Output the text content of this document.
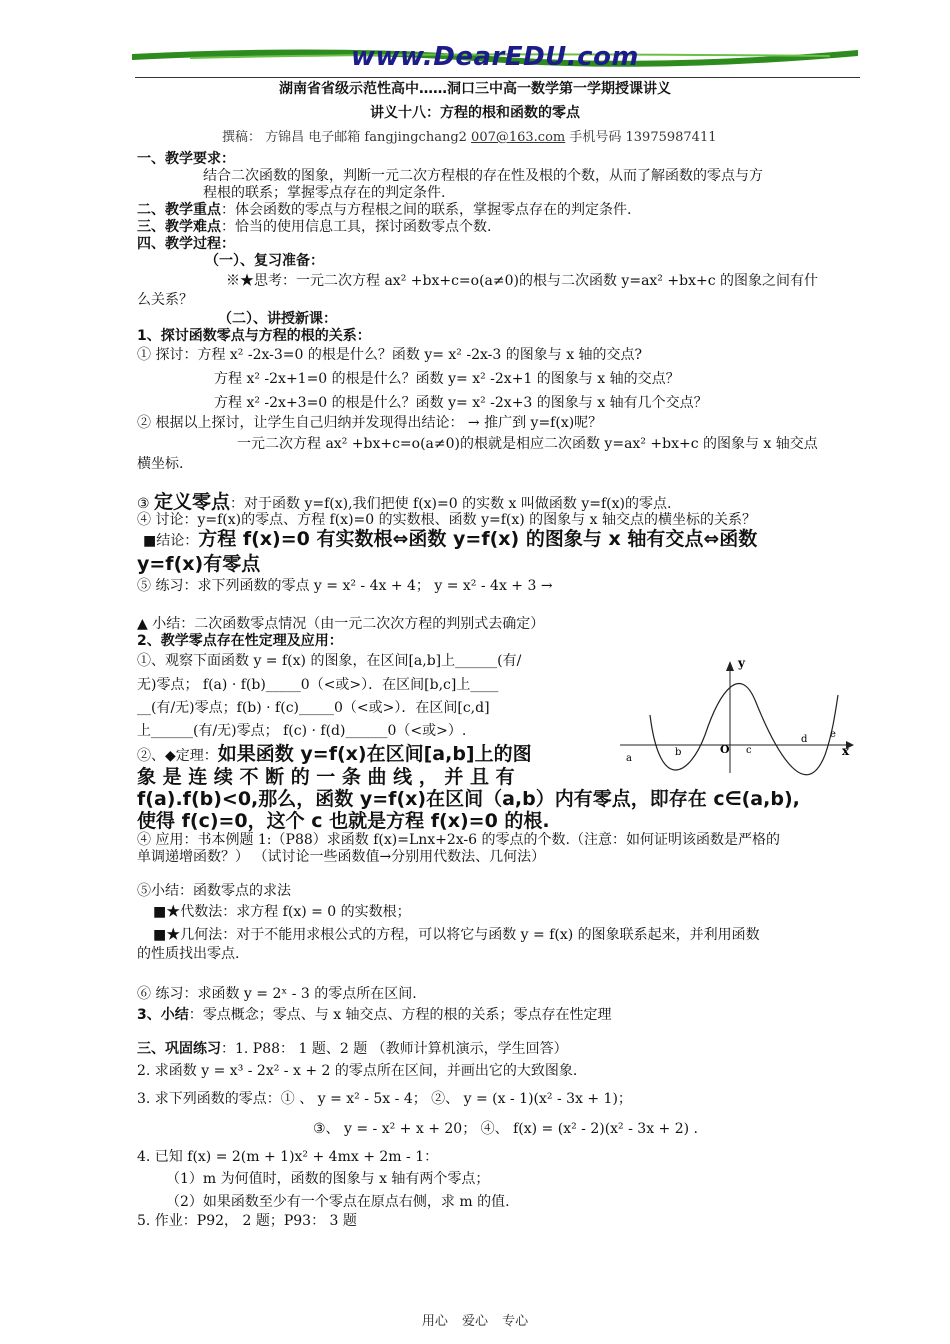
www.DearEDU.com
湖南省省级示范性高中……洞口三中高一数学第一学期授课讲义
讲义十八：方程的根和函数的零点
撰稿： 方锦昌 电子邮箱 fangjingchang2 007@163.com 手机号码 13975987411
一、教学要求：
结合二次函数的图象，判断一元二次方程根的存在性及根的个数，从而了解函数的零点与方
程根的联系；掌握零点存在的判定条件.
二、教学重点：体会函数的零点与方程根之间的联系，掌握零点存在的判定条件.
三、教学难点：恰当的使用信息工具，探讨函数零点个数.
四、教学过程：
（一）、复习准备：
※★思考：一元二次方程 ax² +bx+c=o(a≠0)的根与二次函数 y=ax² +bx+c 的图象之间有什
么关系？
（二）、讲授新课：
1、探讨函数零点与方程的根的关系：
① 探讨：方程 x² -2x-3=0 的根是什么？函数 y= x² -2x-3 的图象与 x 轴的交点?
方程 x² -2x+1=0 的根是什么？函数 y= x² -2x+1 的图象与 x 轴的交点？
方程 x² -2x+3=0 的根是什么？函数 y= x² -2x+3 的图象与 x 轴有几个交点？
② 根据以上探讨，让学生自己归纳并发现得出结论： → 推广到 y=f(x)呢？
一元二次方程 ax² +bx+c=o(a≠0)的根就是相应二次函数 y=ax² +bx+c 的图象与 x 轴交点
横坐标.
③ 定义零点：对于函数 y=f(x),我们把使 f(x)=0 的实数 x 叫做函数 y=f(x)的零点.
④ 讨论：y=f(x)的零点、方程 f(x)=0 的实数根、函数 y=f(x) 的图象与 x 轴交点的横坐标的关系？
■结论：方程 f(x)=0 有实数根⇔函数 y=f(x) 的图象与 x 轴有交点⇔函数
y=f(x)有零点
⑤ 练习：求下列函数的零点 y = x² - 4x + 4； y = x² - 4x + 3 →
▲ 小结：二次函数零点情况（由一元二次次方程的判别式去确定）
2、教学零点存在性定理及应用：
①、观察下面函数 y = f(x) 的图象，在区间[a,b]上______(有/
无)零点； f(a) · f(b)_____0（<或>）．在区间[b,c]上____
__(有/无)零点；f(b) · f(c)_____0（<或>）．在区间[c,d]
上______(有/无)零点； f(c) · f(d)______0（<或>）.
y
x
O
a
b	c
d e
②、◆定理：如果函数 y=f(x)在区间[a,b]上的图
象 是 连 续 不 断 的 一 条 曲 线 ， 并 且 有
f(a).f(b)<0,那么，函数 y=f(x)在区间（a,b）内有零点，即存在 c∈(a,b),
使得 f(c)=0，这个 c 也就是方程 f(x)=0 的根.
④ 应用：书本例题 1:（P88）求函数 f(x)=Lnx+2x-6 的零点的个数.（注意：如何证明该函数是严格的
单调递增函数？） （试讨论一些函数值→分别用代数法、几何法）
⑤小结：函数零点的求法
■★代数法：求方程 f(x) = 0 的实数根；
■★几何法：对于不能用求根公式的方程，可以将它与函数 y = f(x) 的图象联系起来，并利用函数
的性质找出零点.
⑥ 练习：求函数 y = 2ˣ - 3 的零点所在区间.
3、小结：零点概念；零点、与 x 轴交点、方程的根的关系；零点存在性定理
三、巩固练习：1. P88： 1 题、2 题 （教师计算机演示，学生回答）
2. 求函数 y = x³ - 2x² - x + 2 的零点所在区间，并画出它的大致图象.
3. 求下列函数的零点：① 、 y = x² - 5x - 4； ②、 y = (x - 1)(x² - 3x + 1)；
③、 y = - x² + x + 20； ④、 f(x) = (x² - 2)(x² - 3x + 2) .
4. 已知 f(x) = 2(m + 1)x² + 4mx + 2m - 1：
（1）m 为何值时，函数的图象与 x 轴有两个零点；
（2）如果函数至少有一个零点在原点右侧，求 m 的值.
5. 作业：P92， 2 题；P93： 3 题
用心 爱心 专心
